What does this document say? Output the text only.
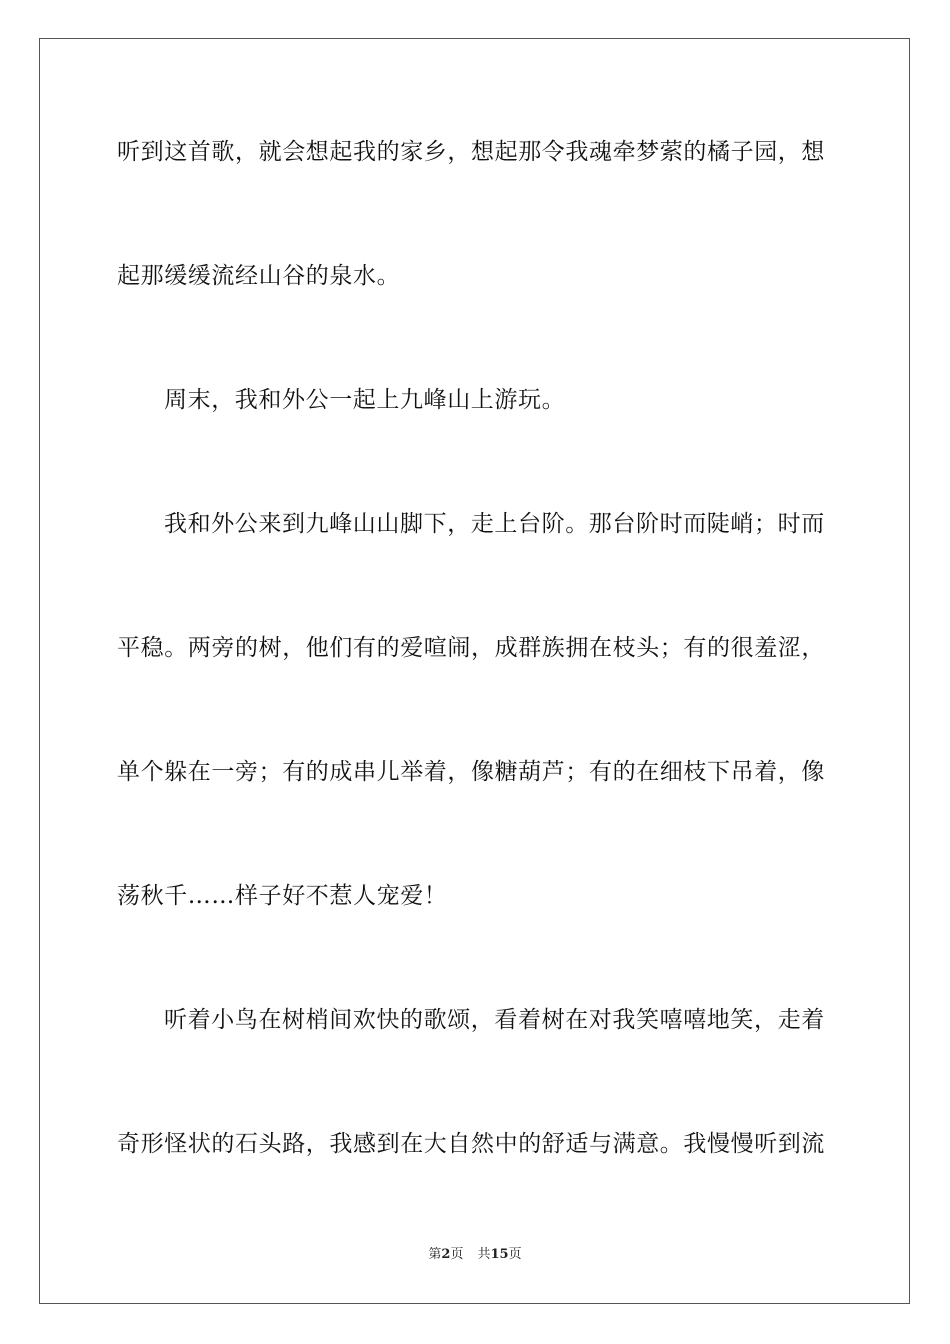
听到这首歌，就会想起我的家乡，想起那令我魂牵梦萦的橘子园，想
起那缓缓流经山谷的泉水。
周末，我和外公一起上九峰山上游玩。
我和外公来到九峰山山脚下，走上台阶。那台阶时而陡峭；时而
平稳。两旁的树，他们有的爱喧闹，成群族拥在枝头；有的很羞涩，
单个躲在一旁；有的成串儿举着，像糖葫芦；有的在细枝下吊着，像
荡秋千……样子好不惹人宠爱！
听着小鸟在树梢间欢快的歌颂，看着树在对我笑嘻嘻地笑，走着
奇形怪状的石头路，我感到在大自然中的舒适与满意。我慢慢听到流
第2页 共15页
